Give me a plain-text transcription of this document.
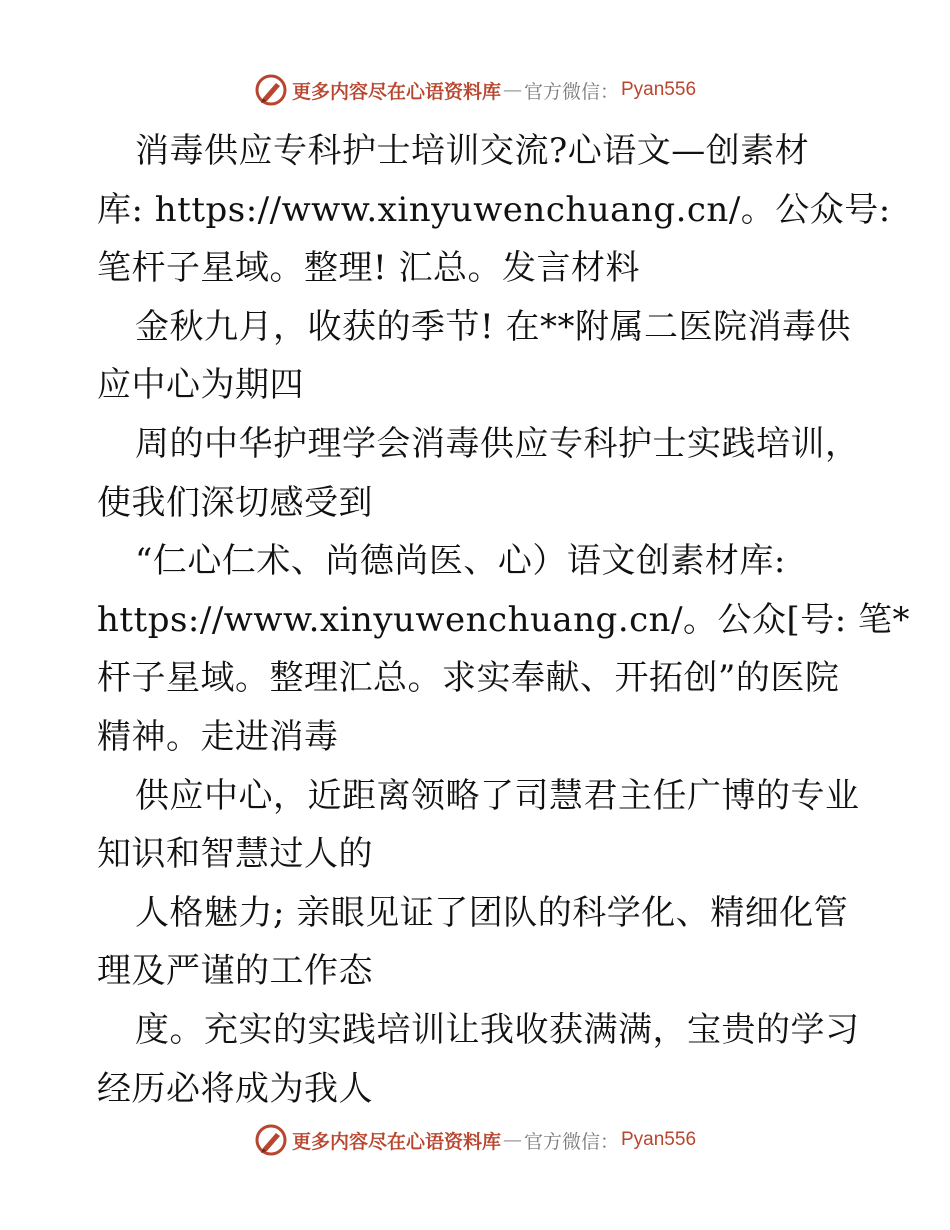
更多内容尽在心语资料库 — 官方微信： Pyan556
消毒供应专科护士培训交流?心语文—创素材
库: https://www.xinyuwenchuang.cn/。公众号:
笔杆子星域。整理! 汇总。发言材料
金秋九月，收获的季节! 在**附属二医院消毒供
应中心为期四
周的中华护理学会消毒供应专科护士实践培训，
使我们深切感受到
“仁心仁术、尚德尚医、心）语文创素材库:
https://www.xinyuwenchuang.cn/。公众[号: 笔*
杆子星域。整理汇总。求实奉献、开拓创”的医院
精神。走进消毒
供应中心，近距离领略了司慧君主任广博的专业
知识和智慧过人的
人格魅力; 亲眼见证了团队的科学化、精细化管
理及严谨的工作态
度。充实的实践培训让我收获满满，宝贵的学习
经历必将成为我人
更多内容尽在心语资料库 — 官方微信： Pyan556
